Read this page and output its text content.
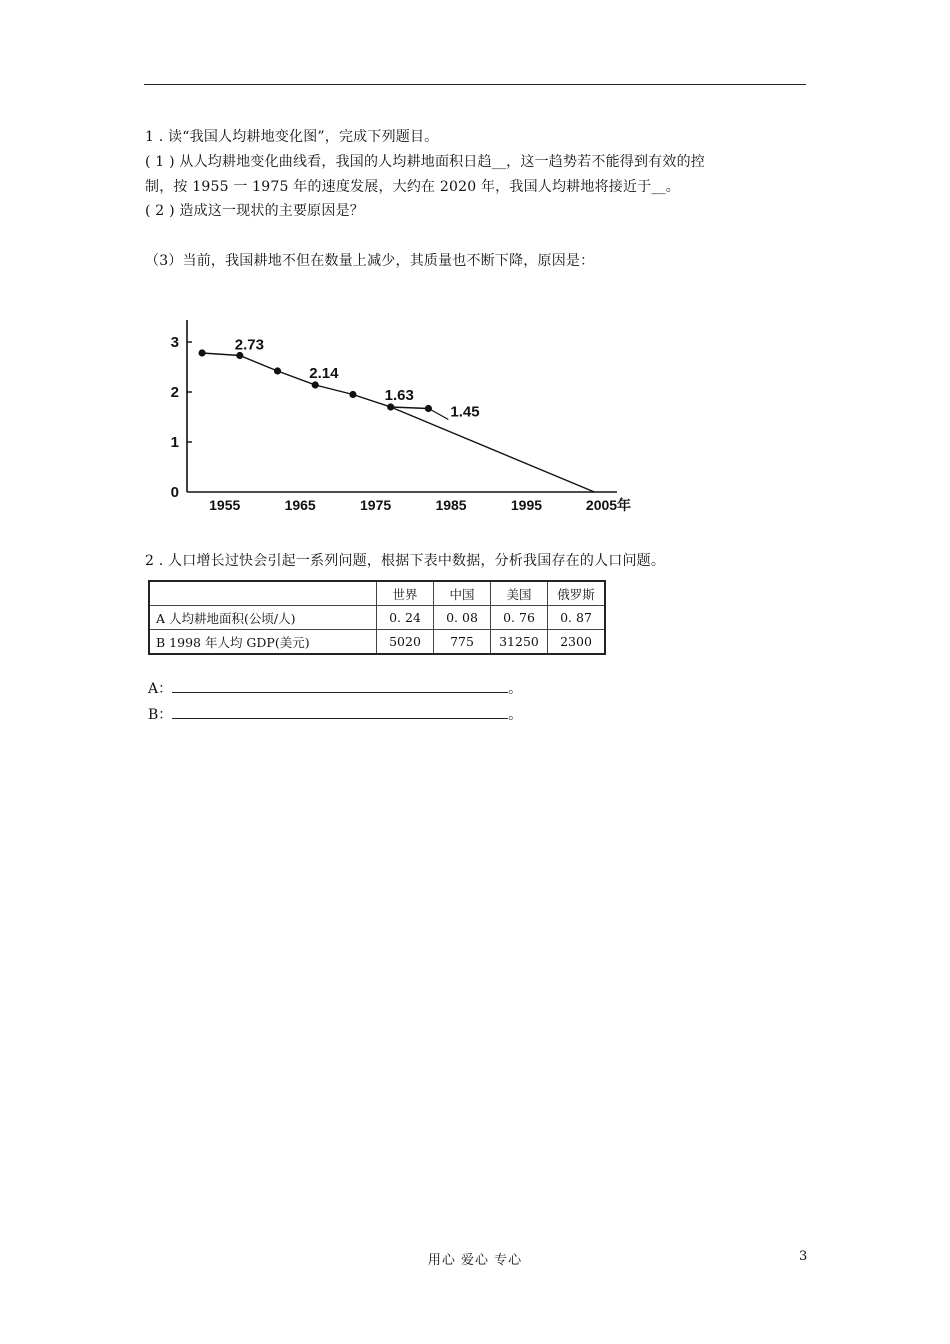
1 . 读“我国人均耕地变化图”，完成下列题目。
( 1 ) 从人均耕地变化曲线看，我国的人均耕地面积日趋__，这一趋势若不能得到有效的控
制，按 1955 一 1975 年的速度发展，大约在 2020 年，我国人均耕地将接近于__。
( 2 ) 造成这一现状的主要原因是？
（3）当前，我国耕地不但在数量上减少，其质量也不断下降，原因是：
0
1
2
3
1955	1965	1975	1985	1995	2005年
2.73
2.14
1.63
1.45
2 . 人口增长过快会引起一系列问题，根据下表中数据，分析我国存在的人口问题。
	世界	中国	美国	俄罗斯
A 人均耕地面积(公顷/人)	0. 24	0. 08	0. 76	0. 87
B 1998 年人均 GDP(美元)	5020	775	31250	2300
A：	。
B：	。
用心 爱心 专心	3
